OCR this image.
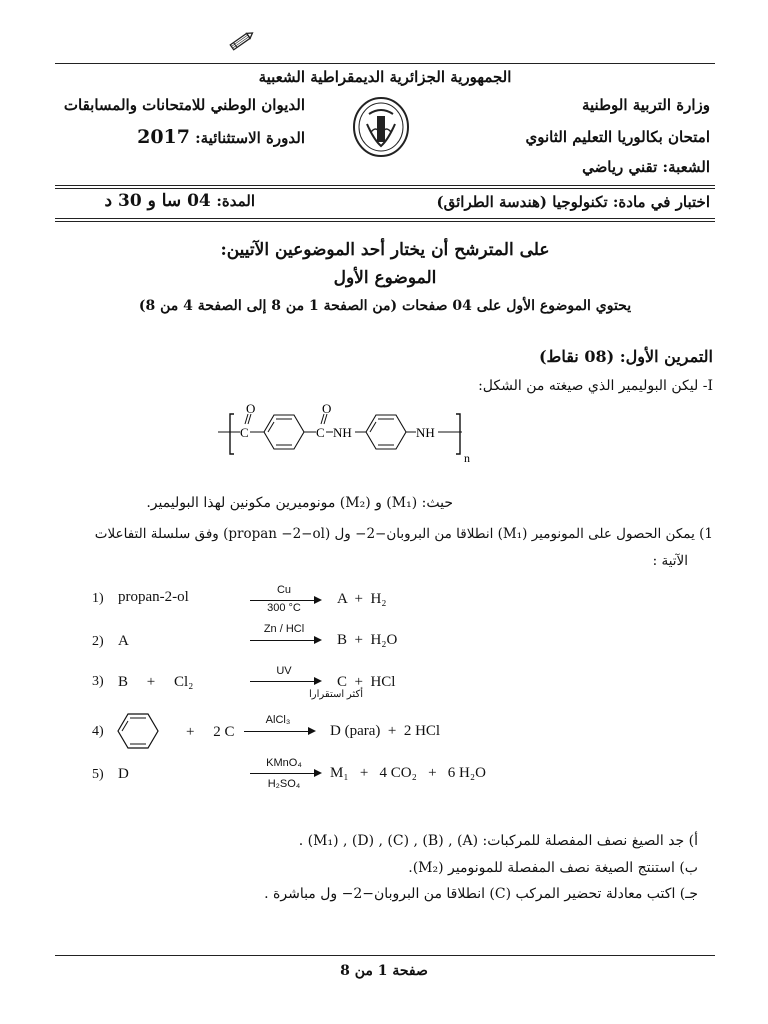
الجمهورية الجزائرية الديمقراطية الشعبية
وزارة التربية الوطنية
الديوان الوطني للامتحانات والمسابقات
امتحان بكالوريا التعليم الثانوي
الدورة الاستثنائية: 2017
الشعبة: تقني رياضي
اختبار في مادة: تكنولوجيا (هندسة الطرائق)
المدة: 04 سا و 30 د
على المترشح أن يختار أحد الموضوعين الآتيين:
الموضوع الأول
يحتوي الموضوع الأول على 04 صفحات (من الصفحة 1 من 8 إلى الصفحة 4 من 8)
التمرين الأول: (08 نقاط)
I- ليكن البوليمير الذي صيغته من الشكل:
C
O
C
O
NH	NH
n
حيث: (M₁) و (M₂) مونوميرين مكونين لهذا البوليمير.
1) يمكن الحصول على المونومير (M₁) انطلاقا من البروبان−2− ول (propan −2−ol) وفق سلسلة التفاعلات
الآتية :
1) propan-2-ol	Cu
300 °C
A  +  H₂
2) A
Zn / HCl
B  +  H₂O
3) B     +     Cl₂
UV
أكثر استقرارا
C  +  HCl
4)	+     2 C
AlCl₃
D (para)  +  2 HCl
5) D
KMnO₄
H₂SO₄
M₁   +   4 CO₂   +   6 H₂O
أ) جد الصيغ نصف المفصلة للمركبات: (A) , (B) , (C) , (D) , (M₁) .
ب) استنتج الصيغة نصف المفصلة للمونومير (M₂).
جـ) اكتب معادلة تحضير المركب (C) انطلاقا من البروبان−2− ول مباشرة .
صفحة 1 من 8
